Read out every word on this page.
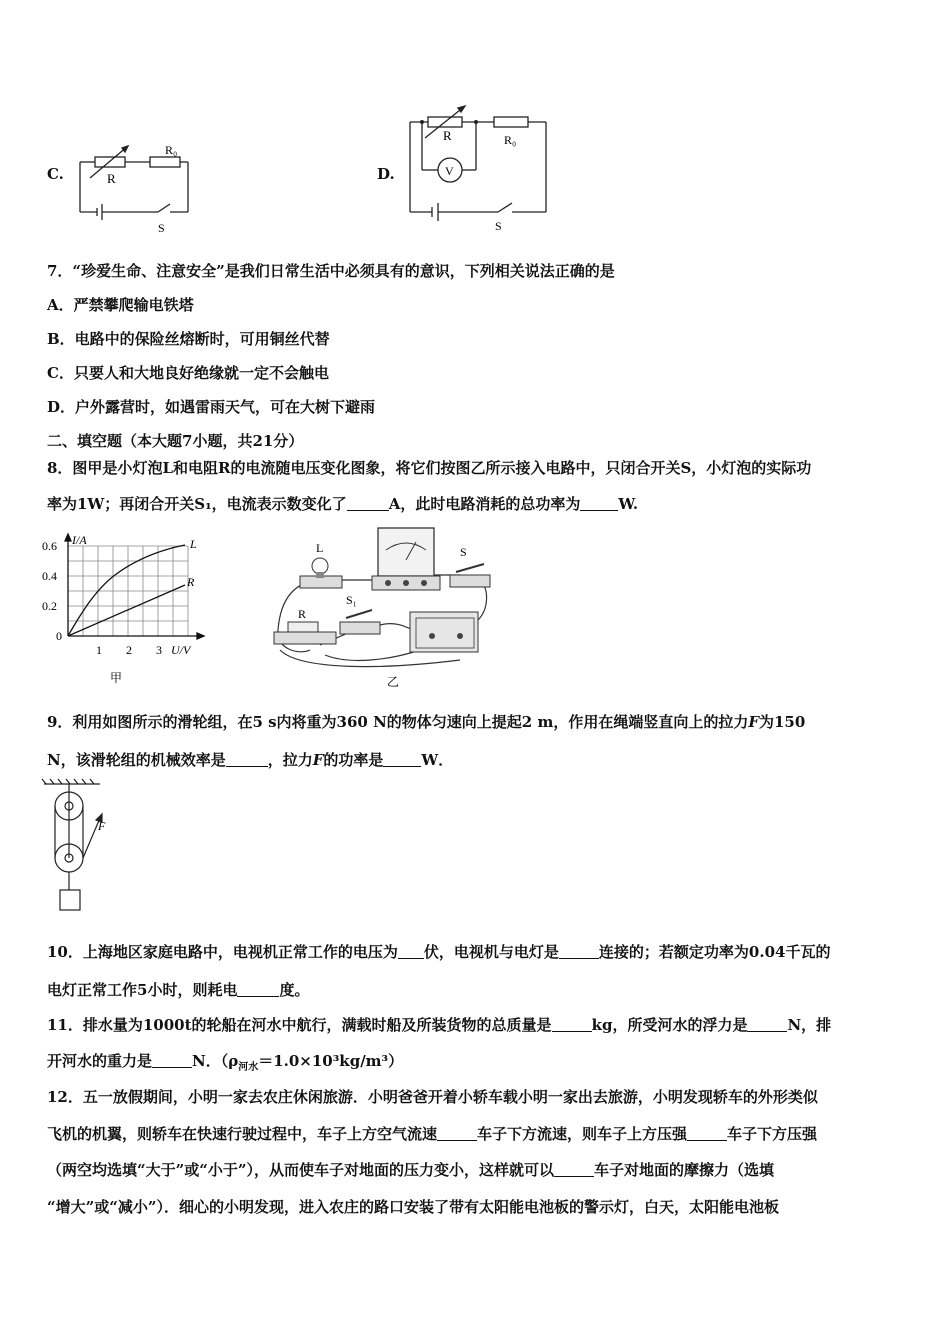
C.	R
R₀
S
D.
R	R₀
V
S
7．“珍爱生命、注意安全”是我们日常生活中必须具有的意识，下列相关说法正确的是
A．严禁攀爬输电铁塔
B．电路中的保险丝熔断时，可用铜丝代替
C．只要人和大地良好绝缘就一定不会触电
D．户外露营时，如遇雷雨天气，可在大树下避雨
二、填空题（本大题7小题，共21分）
8．图甲是小灯泡L和电阻R的电流随电压变化图象，将它们按图乙所示接入电路中，只闭合开关S，小灯泡的实际功
率为1W；再闭合开关S₁，电流表示数变化了	A，此时电路消耗的总功率为	W.
I/A
0.6
0.4
0.2
0
1 2 3 U/V
L
R
甲
L	S
S₁
R
乙
9．利用如图所示的滑轮组，在5 s内将重为360 N的物体匀速向上提起2 m，作用在绳端竖直向上的拉力F为150
N，该滑轮组的机械效率是	，拉力F的功率是	W．
F
10．上海地区家庭电路中，电视机正常工作的电压为 伏，电视机与电灯是	连接的；若额定功率为0.04千瓦的
电灯正常工作5小时，则耗电	度。
11．排水量为1000t的轮船在河水中航行，满载时船及所装货物的总质量是	kg，所受河水的浮力是	N，排
开河水的重力是	N．$(\rho_{河水}=1.0\times 10^3kg/m^3)$
12．五一放假期间，小明一家去农庄休闲旅游．小明爸爸开着小轿车载小明一家出去旅游，小明发现轿车的外形类似
飞机的机翼，则轿车在快速行驶过程中，车子上方空气流速	车子下方流速，则车子上方压强	车子下方压强
（两空均选填“大于”或“小于”），从而使车子对地面的压力变小，这样就可以	车子对地面的摩擦力（选填
“增大”或“减小”）．细心的小明发现，进入农庄的路口安装了带有太阳能电池板的警示灯，白天，太阳能电池板
